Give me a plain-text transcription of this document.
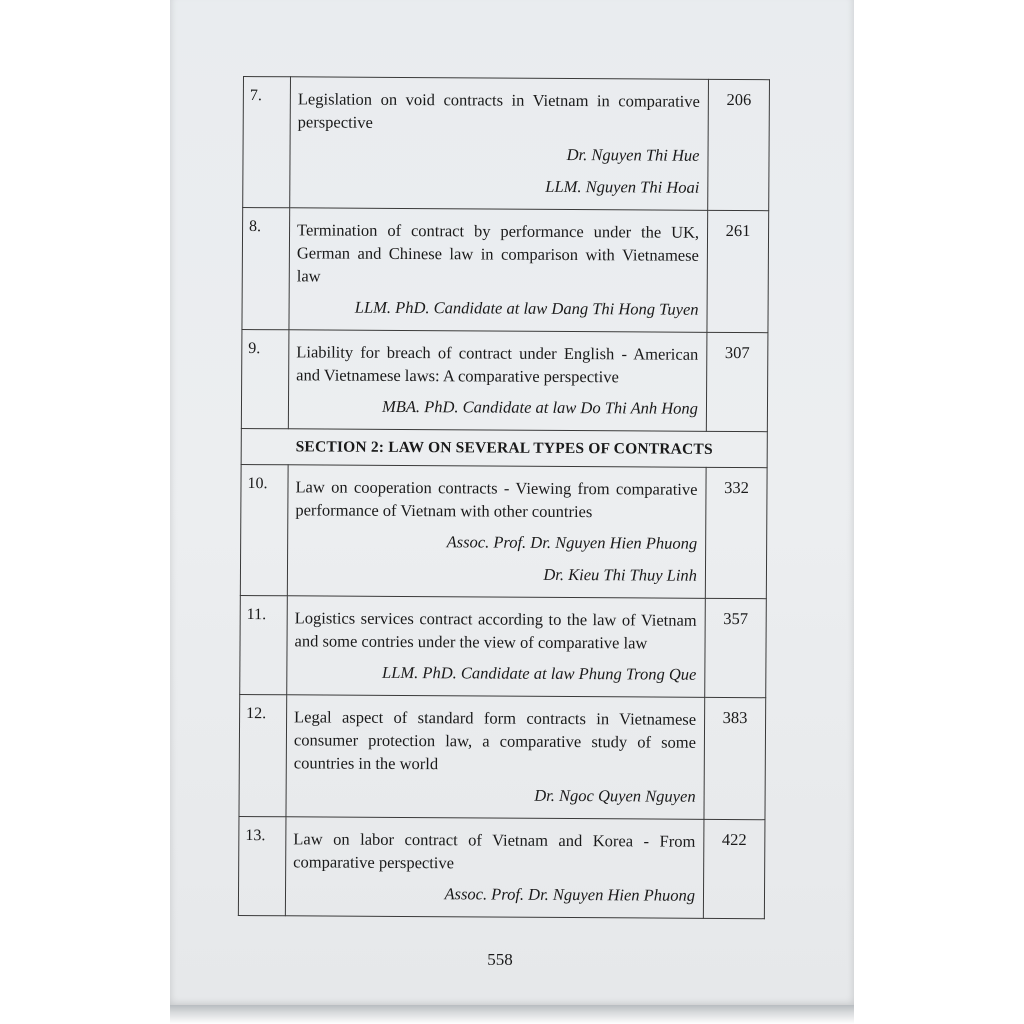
7.	Legislation on void contracts in Vietnam in comparative perspective
Dr. Nguyen Thi Hue
LLM. Nguyen Thi Hoai	206
8.	Termination of contract by performance under the UK, German and Chinese law in comparison with Vietnamese law
LLM. PhD. Candidate at law Dang Thi Hong Tuyen	261
9.	Liability for breach of contract under English - American and Vietnamese laws: A comparative perspective
MBA. PhD. Candidate at law Do Thi Anh Hong	307
SECTION 2: LAW ON SEVERAL TYPES OF CONTRACTS		
10.	Law on cooperation contracts - Viewing from comparative performance of Vietnam with other countries
Assoc. Prof. Dr. Nguyen Hien Phuong
Dr. Kieu Thi Thuy Linh	332
11.	Logistics services contract according to the law of Vietnam and some contries under the view of comparative law
LLM. PhD. Candidate at law Phung Trong Que	357
12.	Legal aspect of standard form contracts in Vietnamese consumer protection law, a comparative study of some countries in the world
Dr. Ngoc Quyen Nguyen	383
13.	Law on labor contract of Vietnam and Korea - From comparative perspective
Assoc. Prof. Dr. Nguyen Hien Phuong	422
558
